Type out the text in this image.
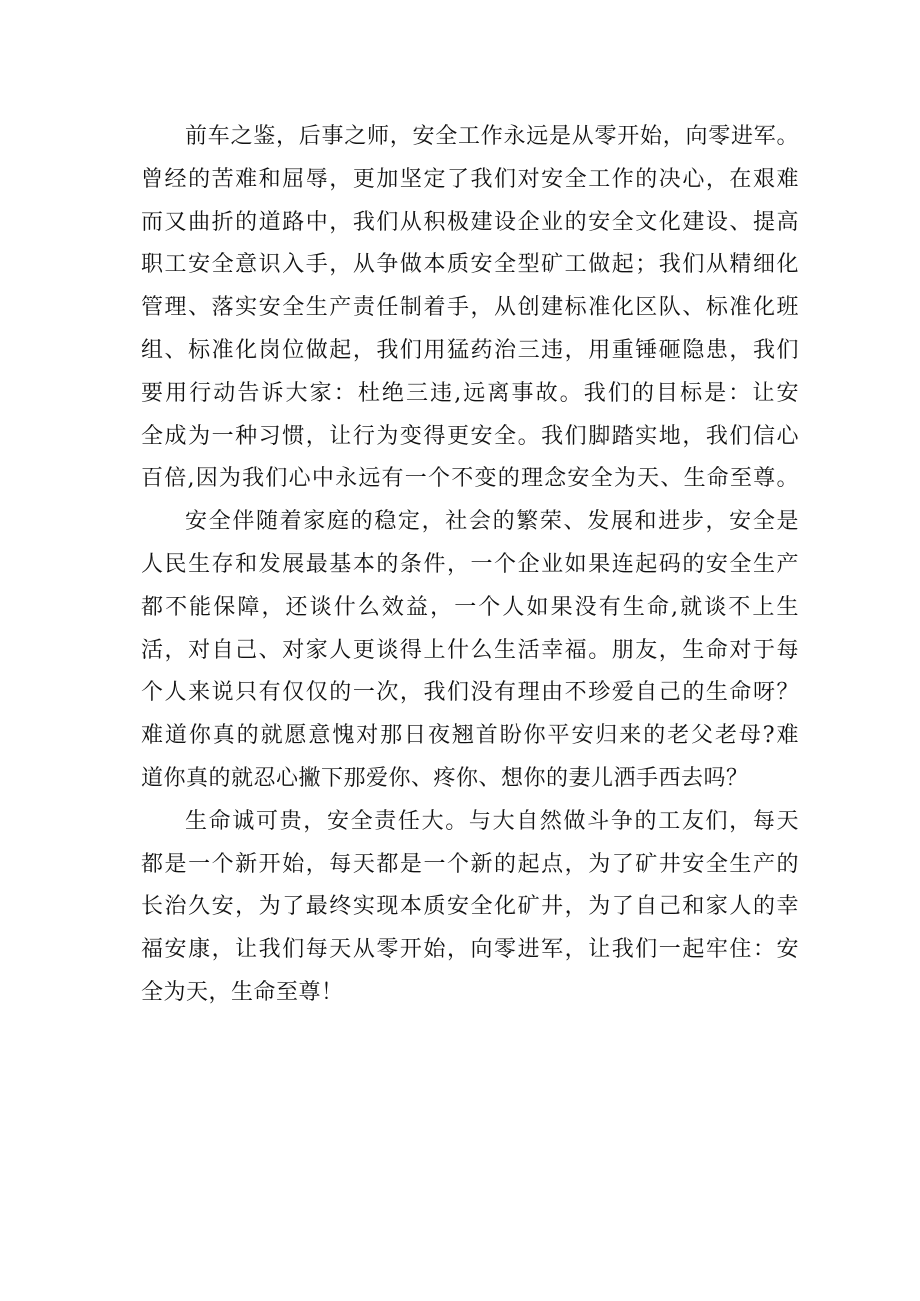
前车之鉴，后事之师，安全工作永远是从零开始，向零进军。
曾经的苦难和屈辱，更加坚定了我们对安全工作的决心，在艰难
而又曲折的道路中，我们从积极建设企业的安全文化建设、提高
职工安全意识入手，从争做本质安全型矿工做起；我们从精细化
管理、落实安全生产责任制着手，从创建标准化区队、标准化班
组、标准化岗位做起，我们用猛药治三违，用重锤砸隐患，我们
要用行动告诉大家：杜绝三违,远离事故。我们的目标是：让安
全成为一种习惯，让行为变得更安全。我们脚踏实地，我们信心
百倍,因为我们心中永远有一个不变的理念安全为天、生命至尊。
安全伴随着家庭的稳定，社会的繁荣、发展和进步，安全是
人民生存和发展最基本的条件，一个企业如果连起码的安全生产
都不能保障，还谈什么效益，一个人如果没有生命,就谈不上生
活，对自己、对家人更谈得上什么生活幸福。朋友，生命对于每
个人来说只有仅仅的一次，我们没有理由不珍爱自己的生命呀？
难道你真的就愿意愧对那日夜翘首盼你平安归来的老父老母?难
道你真的就忍心撇下那爱你、疼你、想你的妻儿洒手西去吗？
生命诚可贵，安全责任大。与大自然做斗争的工友们，每天
都是一个新开始，每天都是一个新的起点，为了矿井安全生产的
长治久安，为了最终实现本质安全化矿井，为了自己和家人的幸
福安康，让我们每天从零开始，向零进军，让我们一起牢住：安
全为天，生命至尊！
